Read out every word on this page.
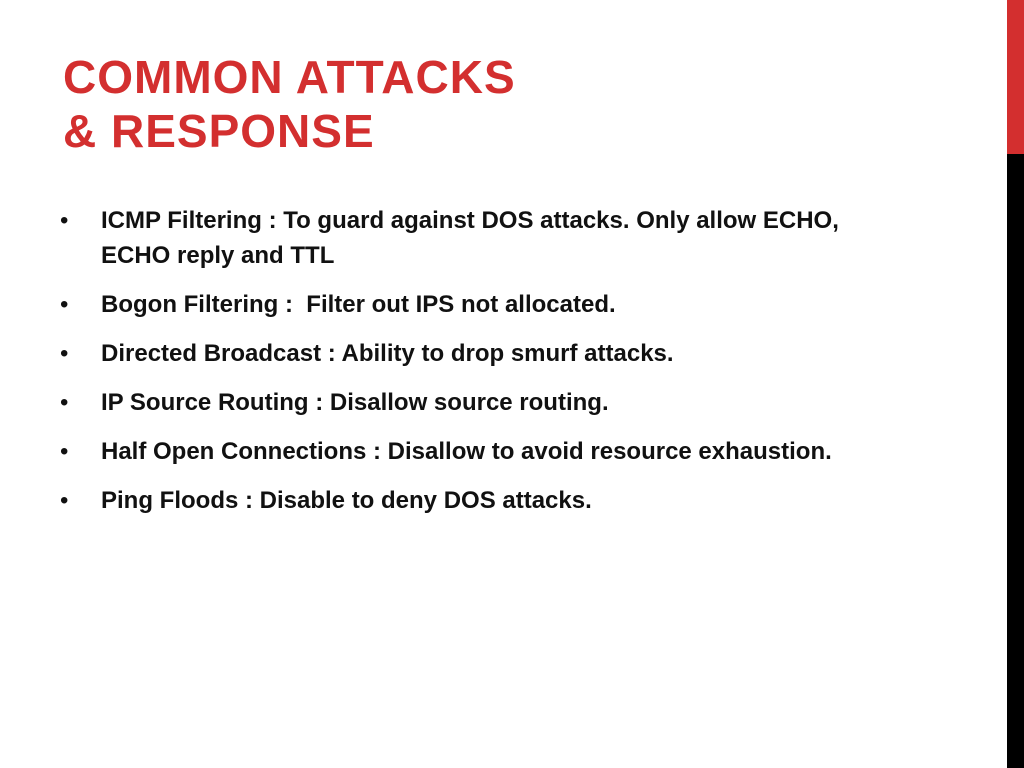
COMMON ATTACKS
& RESPONSE
• ICMP Filtering : To guard against DOS attacks. Only allow ECHO, ECHO reply and TTL
• Bogon Filtering :  Filter out IPS not allocated.
• Directed Broadcast : Ability to drop smurf attacks.
• IP Source Routing : Disallow source routing.
• Half Open Connections : Disallow to avoid resource exhaustion.
• Ping Floods : Disable to deny DOS attacks.
